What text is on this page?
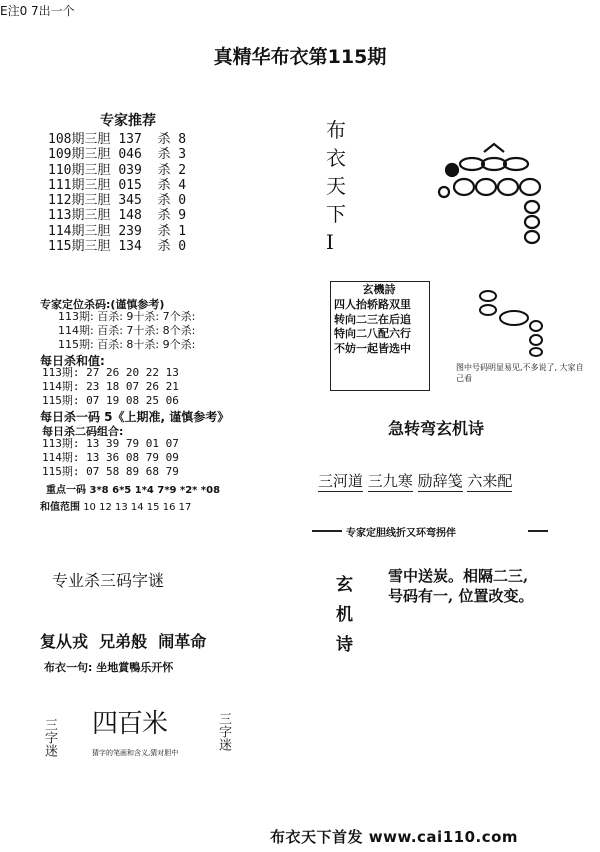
E注0 7出一个
真精华布衣第115期
专家推荐
108期三胆 137 杀 8
109期三胆 046 杀 3
110期三胆 039 杀 2
111期三胆 015 杀 4
112期三胆 345 杀 0
113期三胆 148 杀 9
114期三胆 239 杀 1
115期三胆 134 杀 0
专家定位杀码:(谨慎参考)
113期: 百杀: 9十杀: 7个杀:
114期: 百杀: 7十杀: 8个杀:
115期: 百杀: 8十杀: 9个杀:
每日杀和值:
113期: 27 26 20 22 13
114期: 23 18 07 26 21
115期: 07 19 08 25 06
每日杀一码 5《上期准, 谨慎参考》
每日杀二码组合:
113期: 13 39 79 01 07
114期: 13 36 08 79 09
115期: 07 58 89 68 79
重点一码 3*8 6*5 1*4 7*9 *2* *08
和值范围 10 12 13 14 15 16 17
专业杀三码字谜
复从戎  兄弟般  闹革命
布衣一句: 坐地賞鴨乐开怀
三字迷	三字迷
四百米
猜字的笔画和含义,猜对胆中
布衣天下I
玄機詩
四人抬轿路双里
转向二三在后追
特向二八配六行
不妨一起皆选中
图中号码明显易见,不多说了, 大家自己看
急转弯玄机诗
三河道 三九寒 励辞笺 六来配
专家定胆线折又环弯拐伴
玄机诗
雪中送炭。相隔二三,
号码有一, 位置改变。
布衣天下首发 www.cai110.com
